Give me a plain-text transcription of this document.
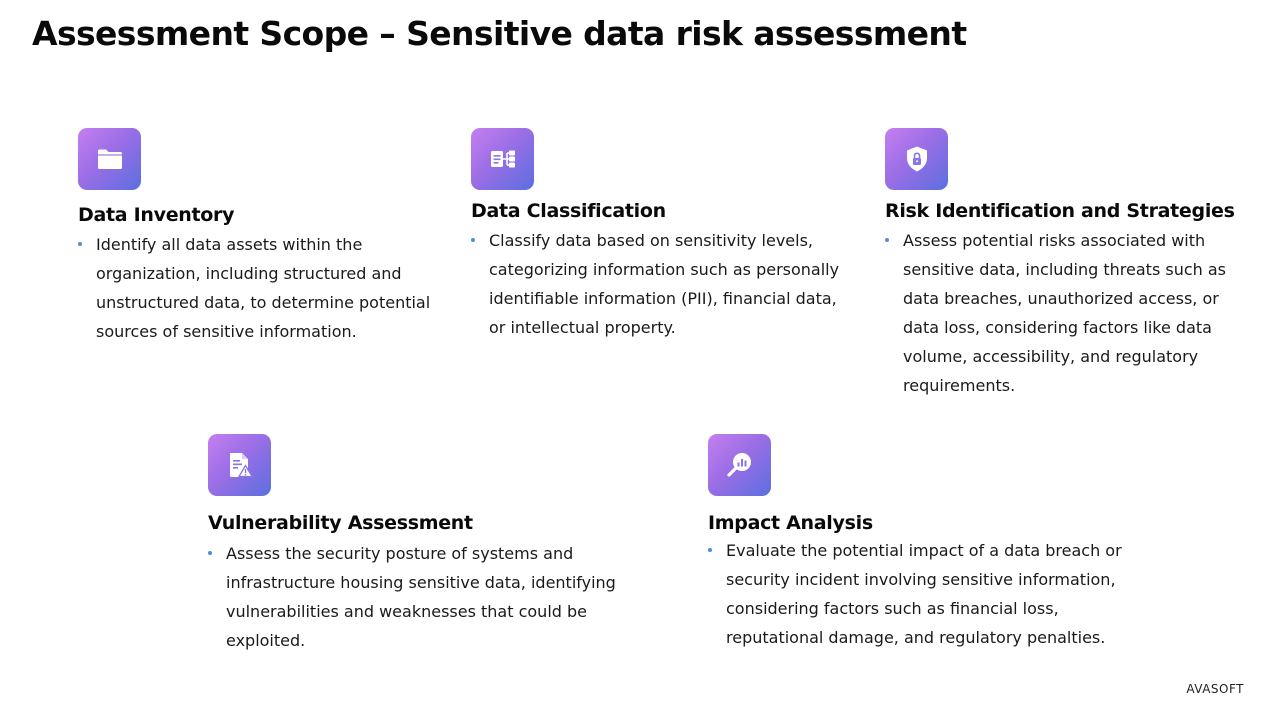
Assessment Scope – Sensitive data risk assessment
Data Inventory
Identify all data assets within the organization, including structured and unstructured data, to determine potential sources of sensitive information.
Data Classification
Classify data based on sensitivity levels, categorizing information such as personally identifiable information (PII), financial data, or intellectual property.
Risk Identification and Strategies
Assess potential risks associated with sensitive data, including threats such as data breaches, unauthorized access, or data loss, considering factors like data volume, accessibility, and regulatory requirements.
Vulnerability Assessment
Assess the security posture of systems and infrastructure housing sensitive data, identifying vulnerabilities and weaknesses that could be exploited.
Impact Analysis
Evaluate the potential impact of a data breach or security incident involving sensitive information, considering factors such as financial loss, reputational damage, and regulatory penalties.
AVASOFT
